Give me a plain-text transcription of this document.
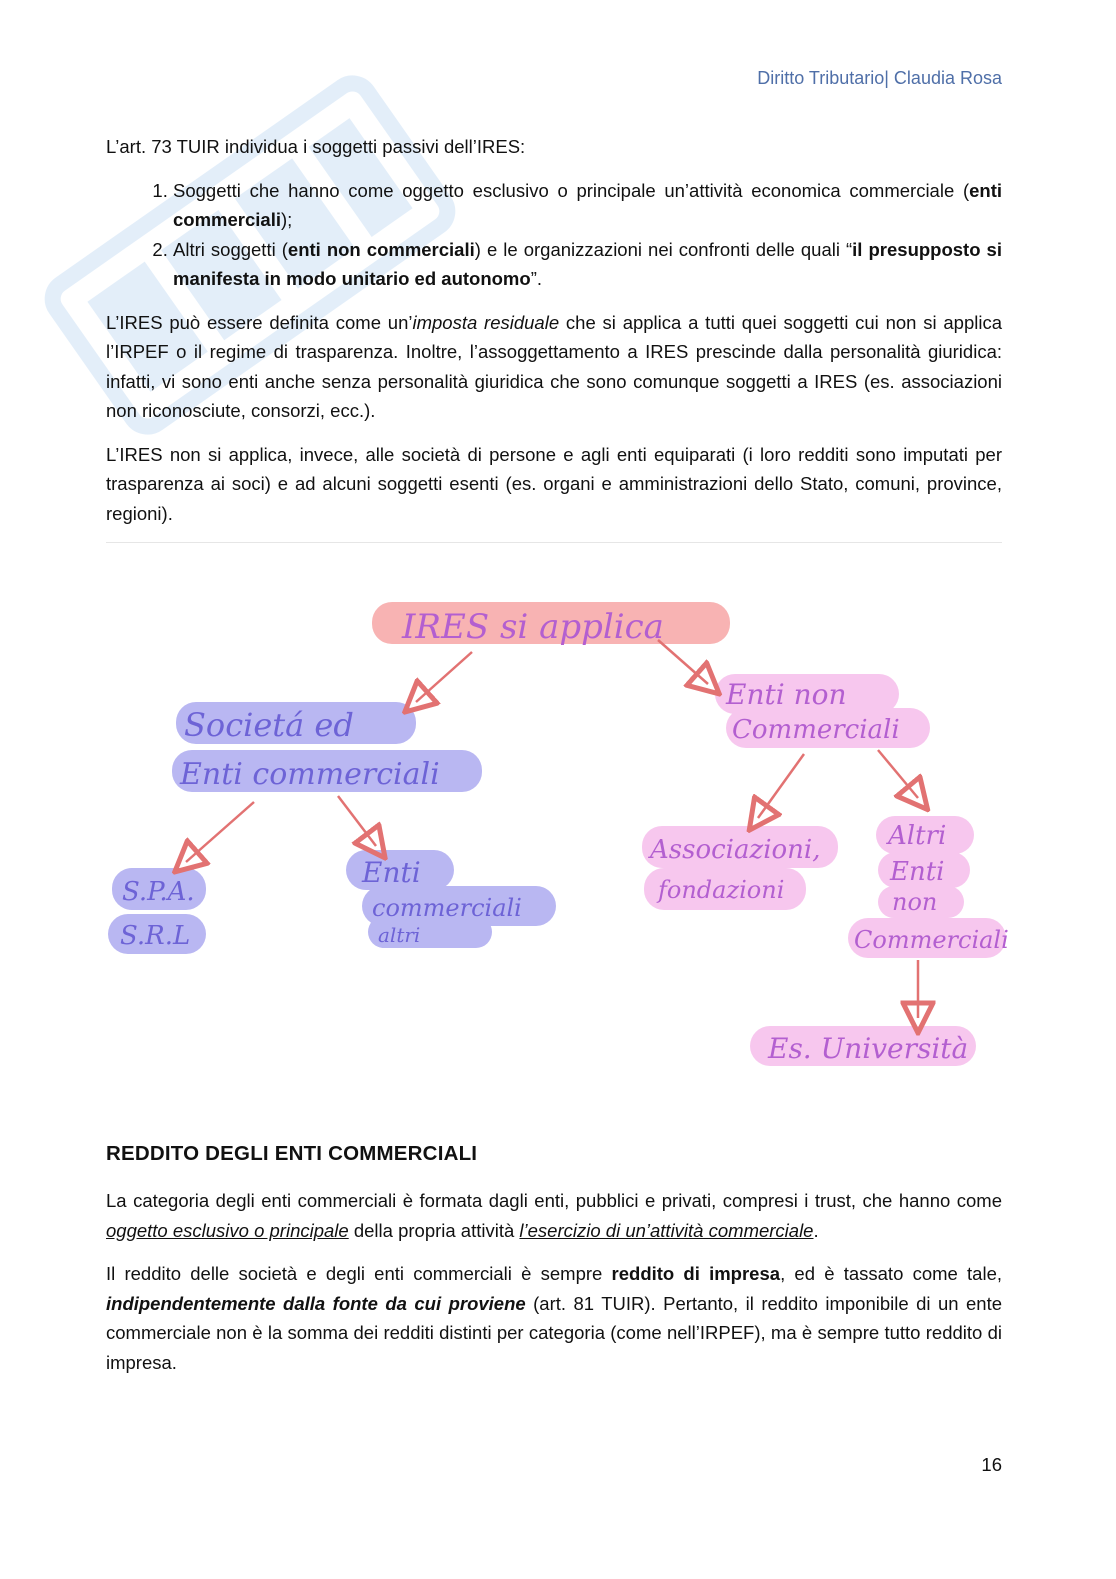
Diritto Tributario| Claudia Rosa

L’art. 73 TUIR individua i soggetti passivi dell’IRES:

1. Soggetti che hanno come oggetto esclusivo o principale un’attività economica commerciale (enti commerciali);
2. Altri soggetti (enti non commerciali) e le organizzazioni nei confronti delle quali “il presupposto si manifesta in modo unitario ed autonomo”.

L’IRES può essere definita come un’imposta residuale che si applica a tutti quei soggetti cui non si applica l’IRPEF o il regime di trasparenza. Inoltre, l’assoggettamento a IRES prescinde dalla personalità giuridica: infatti, vi sono enti anche senza personalità giuridica che sono comunque soggetti a IRES (es. associazioni non riconosciute, consorzi, ecc.).

L’IRES non si applica, invece, alle società di persone e agli enti equiparati (i loro redditi sono imputati per trasparenza ai soci) e ad alcuni soggetti esenti (es. organi e amministrazioni dello Stato, comuni, province, regioni).

IRES si applica
Societá ed
Enti commerciali
S.P.A.
S.R.L
Enti
commerciali
altri
Enti non
Commerciali
Associazioni,
fondazioni
Altri
Enti
non
Commerciali
Es. Università
REDDITO DEGLI ENTI COMMERCIALI

La categoria degli enti commerciali è formata dagli enti, pubblici e privati, compresi i trust, che hanno come oggetto esclusivo o principale della propria attività l’esercizio di un’attività commerciale.

Il reddito delle società e degli enti commerciali è sempre reddito di impresa, ed è tassato come tale, indipendentemente dalla fonte da cui proviene (art. 81 TUIR). Pertanto, il reddito imponibile di un ente commerciale non è la somma dei redditi distinti per categoria (come nell’IRPEF), ma è sempre tutto reddito di impresa.

16
